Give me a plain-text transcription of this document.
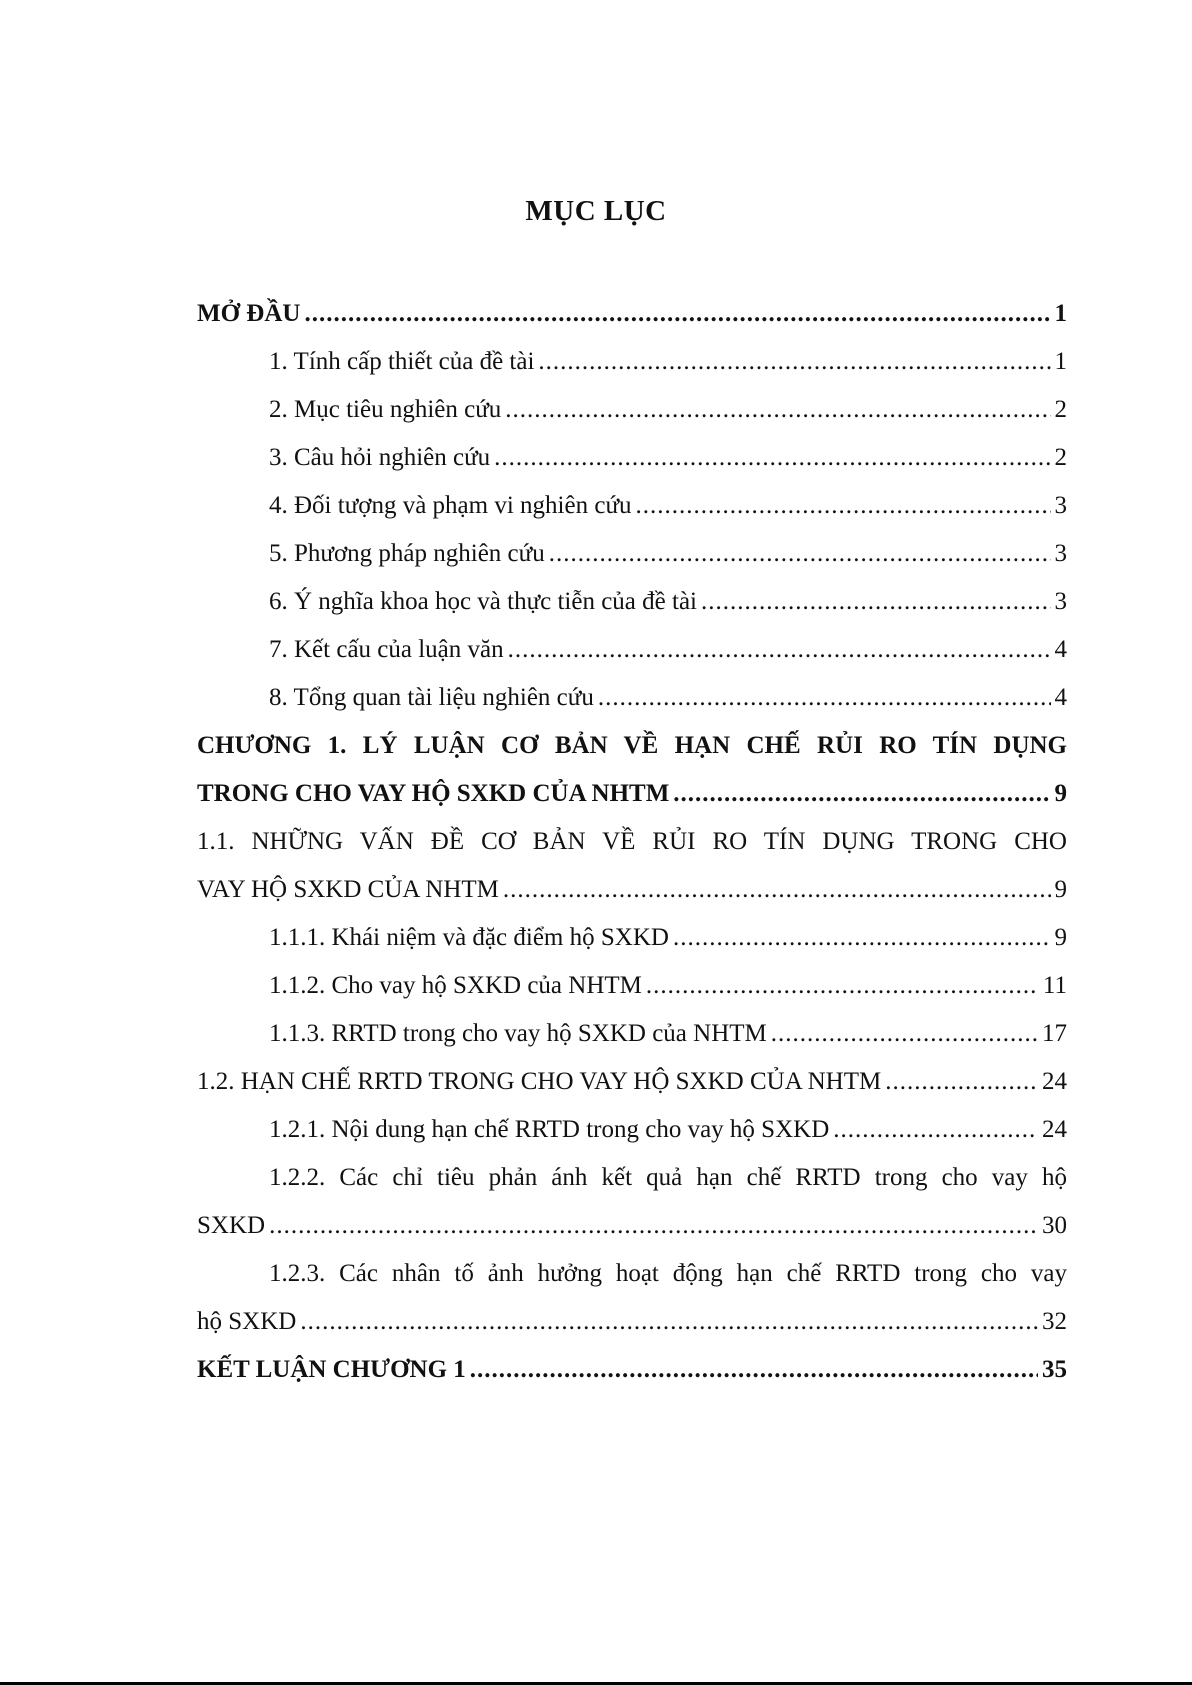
MỤC LỤC
MỞ ĐẦU .....	1
1. Tính cấp thiết của đề tài .....	1
2. Mục tiêu nghiên cứu .....	2
3. Câu hỏi nghiên cứu .....	2
4. Đối tượng và phạm vi nghiên cứu .....	3
5. Phương pháp nghiên cứu .....	3
6. Ý nghĩa khoa học và thực tiễn của đề tài .....	3
7. Kết cấu của luận văn .....	4
8. Tổng quan tài liệu nghiên cứu .....	4
CHƯƠNG 1. LÝ LUẬN CƠ BẢN VỀ HẠN CHẾ RỦI RO TÍN DỤNG
TRONG CHO VAY HỘ SXKD CỦA NHTM .....	9
1.1. NHỮNG VẤN ĐỀ CƠ BẢN VỀ RỦI RO TÍN DỤNG TRONG CHO
VAY HỘ SXKD CỦA NHTM .....	9
1.1.1. Khái niệm và đặc điểm hộ SXKD .....	9
1.1.2. Cho vay hộ SXKD của NHTM .....	11
1.1.3. RRTD trong cho vay hộ SXKD của NHTM .....	17
1.2. HẠN CHẾ RRTD TRONG CHO VAY HỘ SXKD CỦA NHTM .....	24
1.2.1. Nội dung hạn chế RRTD trong cho vay hộ SXKD .....	24
1.2.2. Các chỉ tiêu phản ánh kết quả hạn chế RRTD trong cho vay hộ
SXKD .....	30
1.2.3. Các nhân tố ảnh hưởng hoạt động hạn chế RRTD trong cho vay
hộ SXKD .....	32
KẾT LUẬN CHƯƠNG 1 .....	35
